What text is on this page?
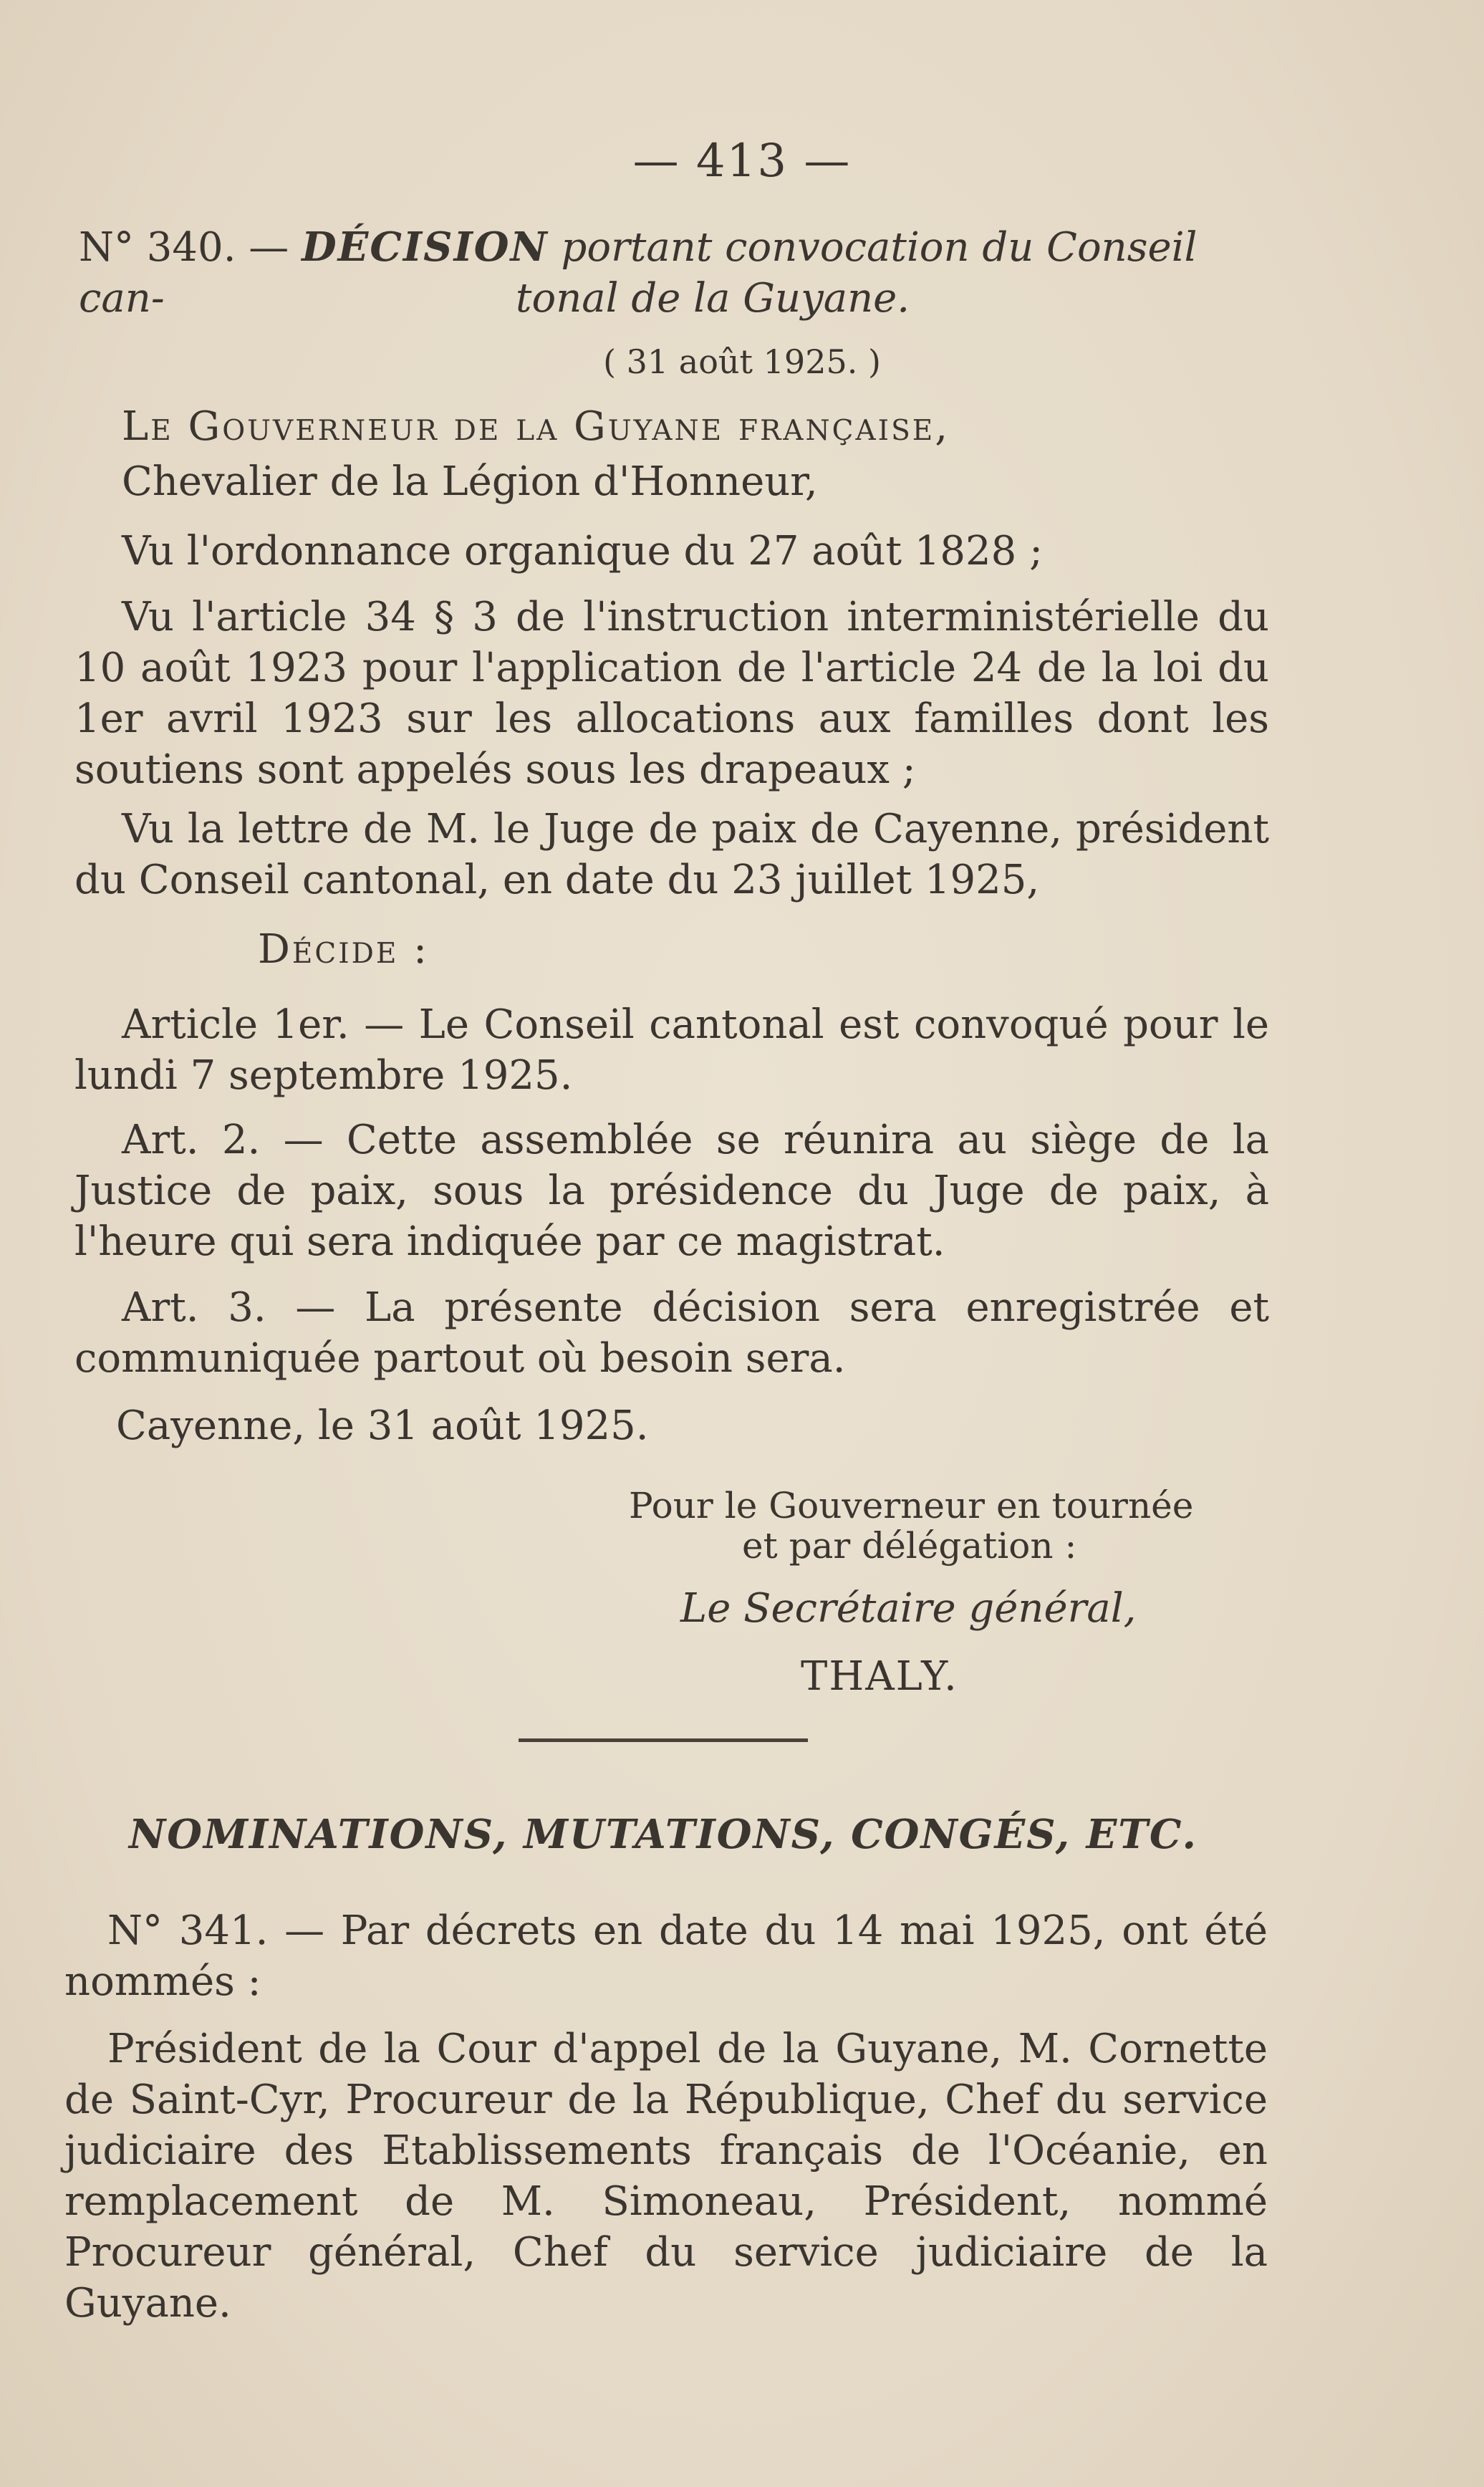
— 413 —
N° 340. — DÉCISION portant convocation du Conseil can-	tonal de la Guyane.
( 31 août 1925. )
Le Gouverneur de la Guyane française,
Chevalier de la Légion d'Honneur,
Vu l'ordonnance organique du 27 août 1828 ;
Vu l'article 34 § 3 de l'instruction interministérielle du 10 août 1923 pour l'application de l'article 24 de la loi du 1er avril 1923 sur les allocations aux familles dont les soutiens sont appelés sous les drapeaux ;
Vu la lettre de M. le Juge de paix de Cayenne, président du Conseil cantonal, en date du 23 juillet 1925,
Décide :
Article 1er. — Le Conseil cantonal est convoqué pour le lundi 7 septembre 1925.
Art. 2. — Cette assemblée se réunira au siège de la Justice de paix, sous la présidence du Juge de paix, à l'heure qui sera indiquée par ce magistrat.
Art. 3. — La présente décision sera enregistrée et communiquée partout où besoin sera.
Cayenne, le 31 août 1925.
Pour le Gouverneur en tournée
et par délégation :
Le Secrétaire général,
THALY.
NOMINATIONS, MUTATIONS, CONGÉS, ETC.
N° 341. — Par décrets en date du 14 mai 1925, ont été nommés :
Président de la Cour d'appel de la Guyane, M. Cornette de Saint-Cyr, Procureur de la République, Chef du service judiciaire des Etablissements français de l'Océanie, en remplacement de M. Simoneau, Président, nommé Procureur général, Chef du service judiciaire de la Guyane.
